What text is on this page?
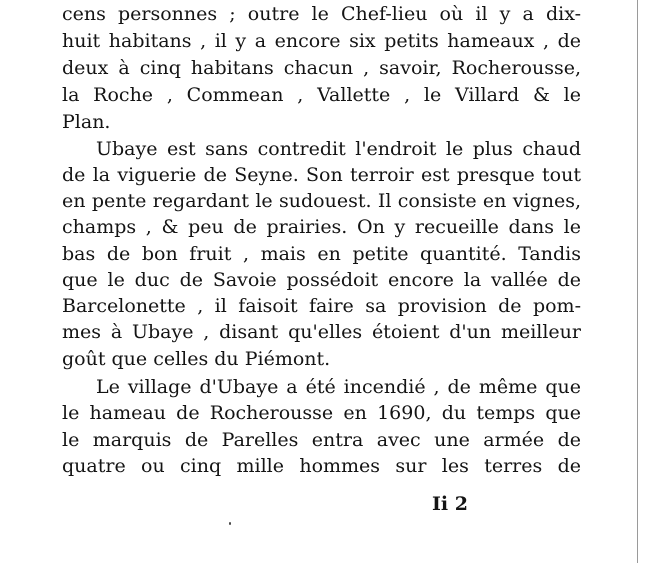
cens personnes ; outre le Chef-lieu où il y a dix-
huit habitans , il y a encore six petits hameaux , de
deux à cinq habitans chacun , savoir, Rocherousse,
la Roche , Commean , Vallette , le Villard & le
Plan.
Ubaye est sans contredit l'endroit le plus chaud
de la viguerie de Seyne. Son terroir est presque tout
en pente regardant le sudouest. Il consiste en vignes,
champs , & peu de prairies. On y recueille dans le
bas de bon fruit , mais en petite quantité. Tandis
que le duc de Savoie possédoit encore la vallée de
Barcelonette , il faisoit faire sa provision de pom-
mes à Ubaye , disant qu'elles étoient d'un meilleur
goût que celles du Piémont.
Le village d'Ubaye a été incendié , de même que
le hameau de Rocherousse en 1690, du temps que
le marquis de Parelles entra avec une armée de
quatre ou cinq mille hommes sur les terres de
Ii 2
